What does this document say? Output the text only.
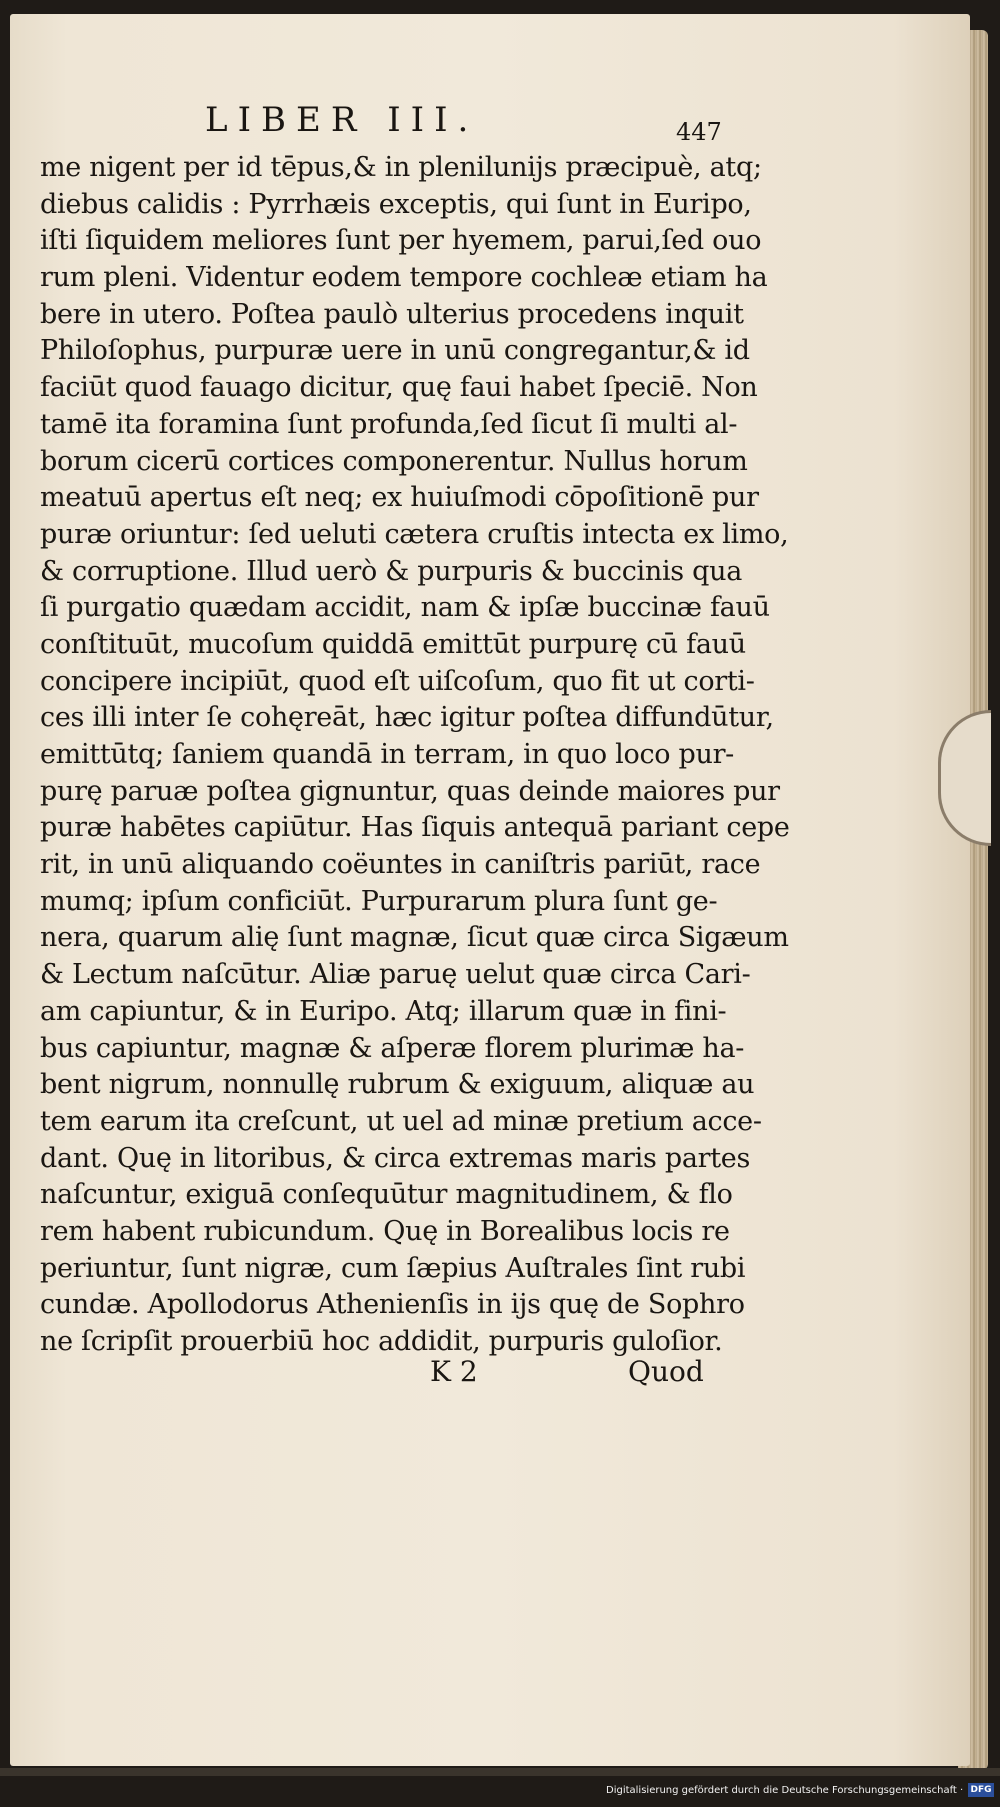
LIBER III.	447
me nigent per id tēpus,& in plenilunijs præcipuè, atq;
diebus calidis : Pyrrhæis exceptis, qui ſunt in Euripo,
iſti ſiquidem meliores ſunt per hyemem, parui,ſed ouo
rum pleni. Videntur eodem tempore cochleæ etiam ha
bere in utero. Poſtea paulò ulterius procedens inquit
Philoſophus, purpuræ uere in unū congregantur,& id
faciūt quod fauago dicitur, quę faui habet ſpeciē. Non
tamē ita foramina ſunt profunda,ſed ſicut ſi multi al-
borum cicerū cortices componerentur. Nullus horum
meatuū apertus eſt neq; ex huiuſmodi cōpoſitionē pur
puræ oriuntur: ſed ueluti cætera cruſtis intecta ex limo,
& corruptione. Illud uerò & purpuris & buccinis qua
ſi purgatio quædam accidit, nam & ipſæ buccinæ fauū
conſtituūt, mucoſum quiddā emittūt purpurę cū fauū
concipere incipiūt, quod eſt uiſcoſum, quo fit ut corti-
ces illi inter ſe cohęreāt, hæc igitur poſtea diffundūtur,
emittūtq; ſaniem quandā in terram, in quo loco pur-
purę paruæ poſtea gignuntur, quas deinde maiores pur
puræ habētes capiūtur. Has ſiquis antequā pariant cepe
rit, in unū aliquando coëuntes in caniſtris pariūt, race
mumq; ipſum conficiūt. Purpurarum plura ſunt ge-
nera, quarum alię ſunt magnæ, ſicut quæ circa Sigæum
& Lectum naſcūtur. Aliæ paruę uelut quæ circa Cari-
am capiuntur, & in Euripo. Atq; illarum quæ in fini-
bus capiuntur, magnæ & aſperæ florem plurimæ ha-
bent nigrum, nonnullę rubrum & exiguum, aliquæ au
tem earum ita creſcunt, ut uel ad minæ pretium acce-
dant. Quę in litoribus, & circa extremas maris partes
naſcuntur, exiguā conſequūtur magnitudinem, & flo
rem habent rubicundum. Quę in Borealibus locis re
periuntur, ſunt nigræ, cum ſæpius Auſtrales ſint rubi
cundæ. Apollodorus Athenienſis in ijs quę de Sophro
ne ſcripſit prouerbiū hoc addidit, purpuris guloſior.
K 2	Quod
Digitalisierung gefördert durch die Deutsche Forschungsgemeinschaft · DFG
